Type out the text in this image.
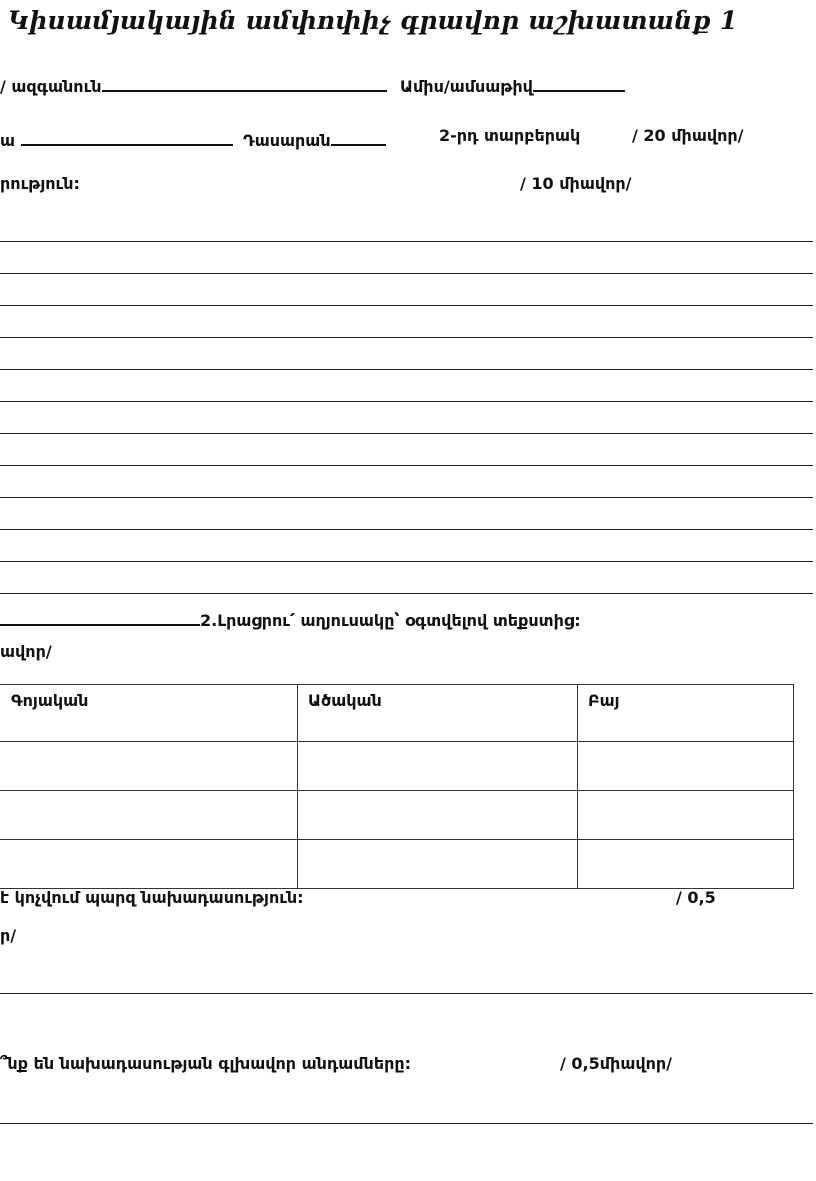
Կիսամյակային ամփոփիչ գրավոր աշխատանք 1
/ ազգանուն	Ամիս/ամսաթիվ
ա	Դասարան	2-րդ տարբերակ	/ 20 միավոր/
րություն:	/ 10 միավոր/
2.Լրացրու՛ աղյուսակը՝ օգտվելով տեքստից:
ավոր/
Գոյական	Ածական	Բայ

է կոչվում պարզ նախադասություն:	/ 0,5
ր/
՞նք են նախադասության գլխավոր անդամները:	/ 0,5միավոր/
